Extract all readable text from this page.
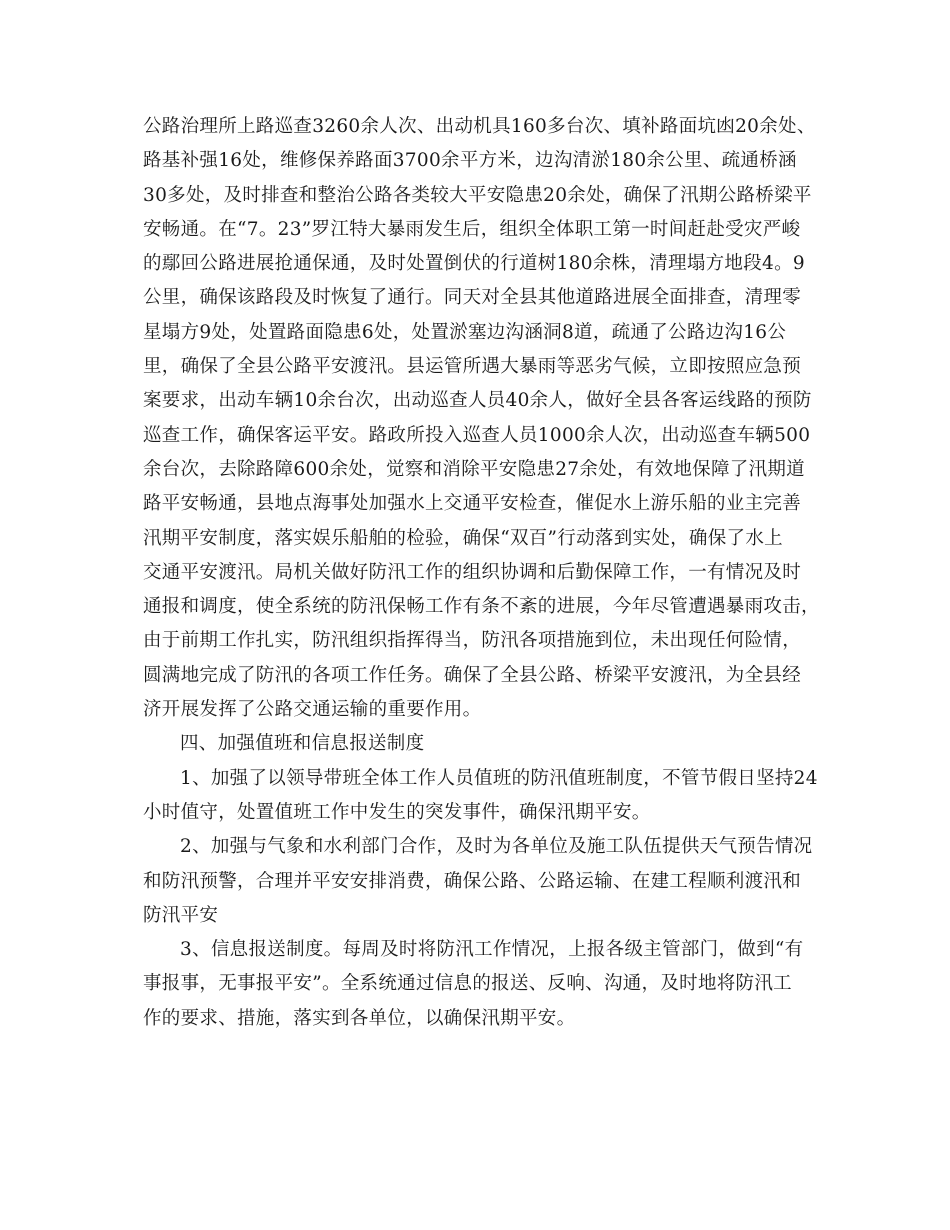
公路治理所上路巡查3260余人次、出动机具160多台次、填补路面坑凼20余处、
路基补强16处，维修保养路面3700余平方米，边沟清淤180余公里、疏通桥涵
30多处，及时排查和整治公路各类较大平安隐患20余处，确保了汛期公路桥梁平
安畅通。在“7。23”罗江特大暴雨发生后，组织全体职工第一时间赶赴受灾严峻
的鄢回公路进展抢通保通，及时处置倒伏的行道树180余株，清理塌方地段4。9
公里，确保该路段及时恢复了通行。同天对全县其他道路进展全面排查，清理零
星塌方9处，处置路面隐患6处，处置淤塞边沟涵洞8道，疏通了公路边沟16公
里，确保了全县公路平安渡汛。县运管所遇大暴雨等恶劣气候，立即按照应急预
案要求，出动车辆10余台次，出动巡查人员40余人，做好全县各客运线路的预防
巡查工作，确保客运平安。路政所投入巡查人员1000余人次，出动巡查车辆500
余台次，去除路障600余处，觉察和消除平安隐患27余处，有效地保障了汛期道
路平安畅通，县地点海事处加强水上交通平安检查，催促水上游乐船的业主完善
汛期平安制度，落实娱乐船舶的检验，确保“双百”行动落到实处，确保了水上
交通平安渡汛。局机关做好防汛工作的组织协调和后勤保障工作，一有情况及时
通报和调度，使全系统的防汛保畅工作有条不紊的进展，今年尽管遭遇暴雨攻击，
由于前期工作扎实，防汛组织指挥得当，防汛各项措施到位，未出现任何险情，
圆满地完成了防汛的各项工作任务。确保了全县公路、桥梁平安渡汛，为全县经
济开展发挥了公路交通运输的重要作用。
四、加强值班和信息报送制度
1、加强了以领导带班全体工作人员值班的防汛值班制度，不管节假日坚持24
小时值守，处置值班工作中发生的突发事件，确保汛期平安。
2、加强与气象和水利部门合作，及时为各单位及施工队伍提供天气预告情况
和防汛预警，合理并平安安排消费，确保公路、公路运输、在建工程顺利渡汛和
防汛平安
3、信息报送制度。每周及时将防汛工作情况，上报各级主管部门，做到“有
事报事，无事报平安”。全系统通过信息的报送、反响、沟通，及时地将防汛工
作的要求、措施，落实到各单位，以确保汛期平安。
